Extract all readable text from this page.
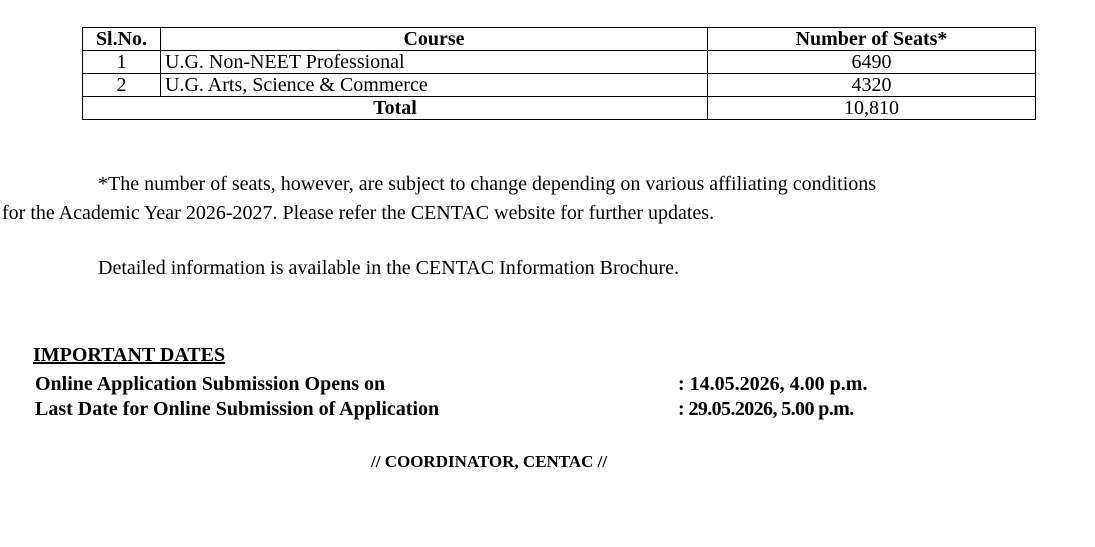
Sl.No.	Course	Number of Seats*
1	U.G. Non-NEET Professional	6490
2	U.G. Arts, Science & Commerce	4320
Total		10,810
*The number of seats, however, are subject to change depending on various affiliating conditions
for the Academic Year 2026-2027. Please refer the CENTAC website for further updates.
Detailed information is available in the CENTAC Information Brochure.
IMPORTANT DATES
Online Application Submission Opens on	: 14.05.2026, 4.00 p.m.
Last Date for Online Submission of Application	: 29.05.2026, 5.00 p.m.
// COORDINATOR, CENTAC //
